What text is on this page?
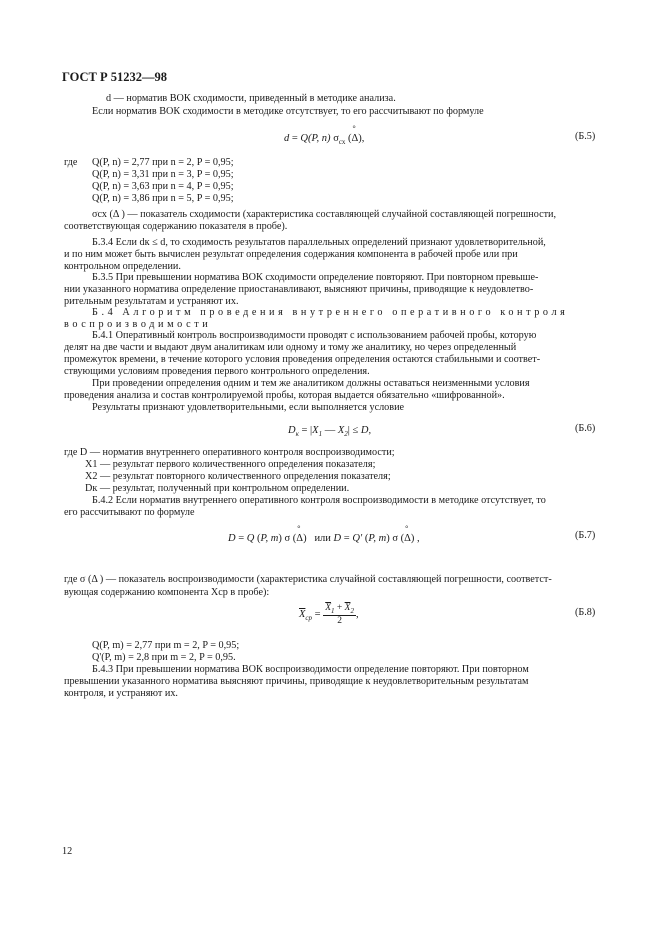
ГОСТ Р 51232—98
d — норматив ВОК сходимости, приведенный в методике анализа.
Если норматив ВОК сходимости в методике отсутствует, то его рассчитывают по формуле
d = Q(P, n) $\sigma_{сх}$ (° Δ),	(Б.5)
где Q(P, n) = 2,77 при n = 2, P = 0,95;
Q(P, n) = 3,31 при n = 3, P = 0,95;
Q(P, n) = 3,63 при n = 4, P = 0,95;
Q(P, n) = 3,86 при n = 5, P = 0,95;
σсх (Δ ) — показатель сходимости (характеристика составляющей случайной составляющей погрешности,
соответствующая содержанию показателя в пробе).
Б.3.4 Если dк ≤ d, то сходимость результатов параллельных определений признают удовлетворительной,
и по ним может быть вычислен результат определения содержания компонента в рабочей пробе или при
контрольном определении.
Б.3.5 При превышении норматива ВОК сходимости определение повторяют. При повторном превыше-
нии указанного норматива определение приостанавливают, выясняют причины, приводящие к неудовлетво-
рительным результатам и устраняют их.
Б.4 Алгоритм проведения внутреннего оперативного контроля
воспроизводимости
Б.4.1 Оперативный контроль воспроизводимости проводят с использованием рабочей пробы, которую
делят на две части и выдают двум аналитикам или одному и тому же аналитику, но через определенный
промежуток времени, в течение которого условия проведения определения остаются стабильными и соответ-
ствующими условиям проведения первого контрольного определения.
При проведении определения одним и тем же аналитиком должны оставаться неизменными условия
проведения анализа и состав контролируемой пробы, которая выдается обязательно «шифрованной».
Результаты признают удовлетворительными, если выполняется условие
$D_к = |X_1$ — $X_2| \le D$,	(Б.6)
где D — норматив внутреннего оперативного контроля воспроизводимости;
X1 — результат первого количественного определения показателя;
X2 — результат повторного количественного определения показателя;
Dк — результат, полученный при контрольном определении.
Б.4.2 Если норматив внутреннего оперативного контроля воспроизводимости в методике отсутствует, то
его рассчитывают по формуле
D = Q (P, m) σ (° Δ) или D = Q′ (P, m) σ (° Δ) ,	(Б.7)
где σ (Δ ) — показатель воспроизводимости (характеристика случайной составляющей погрешности, соответст-
вующая содержанию компонента Xср в пробе):
$\overline{X}_{ср} = \frac{\overline{X}_1 + \overline{X}_2}{2}$ ,	(Б.8)
Q(P, m) = 2,77 при m = 2, P = 0,95;
Q'(P, m) = 2,8 при m = 2, P = 0,95.
Б.4.3 При превышении норматива ВОК воспроизводимости определение повторяют. При повторном
превышении указанного норматива выясняют причины, приводящие к неудовлетворительным результатам
контроля, и устраняют их.
12
